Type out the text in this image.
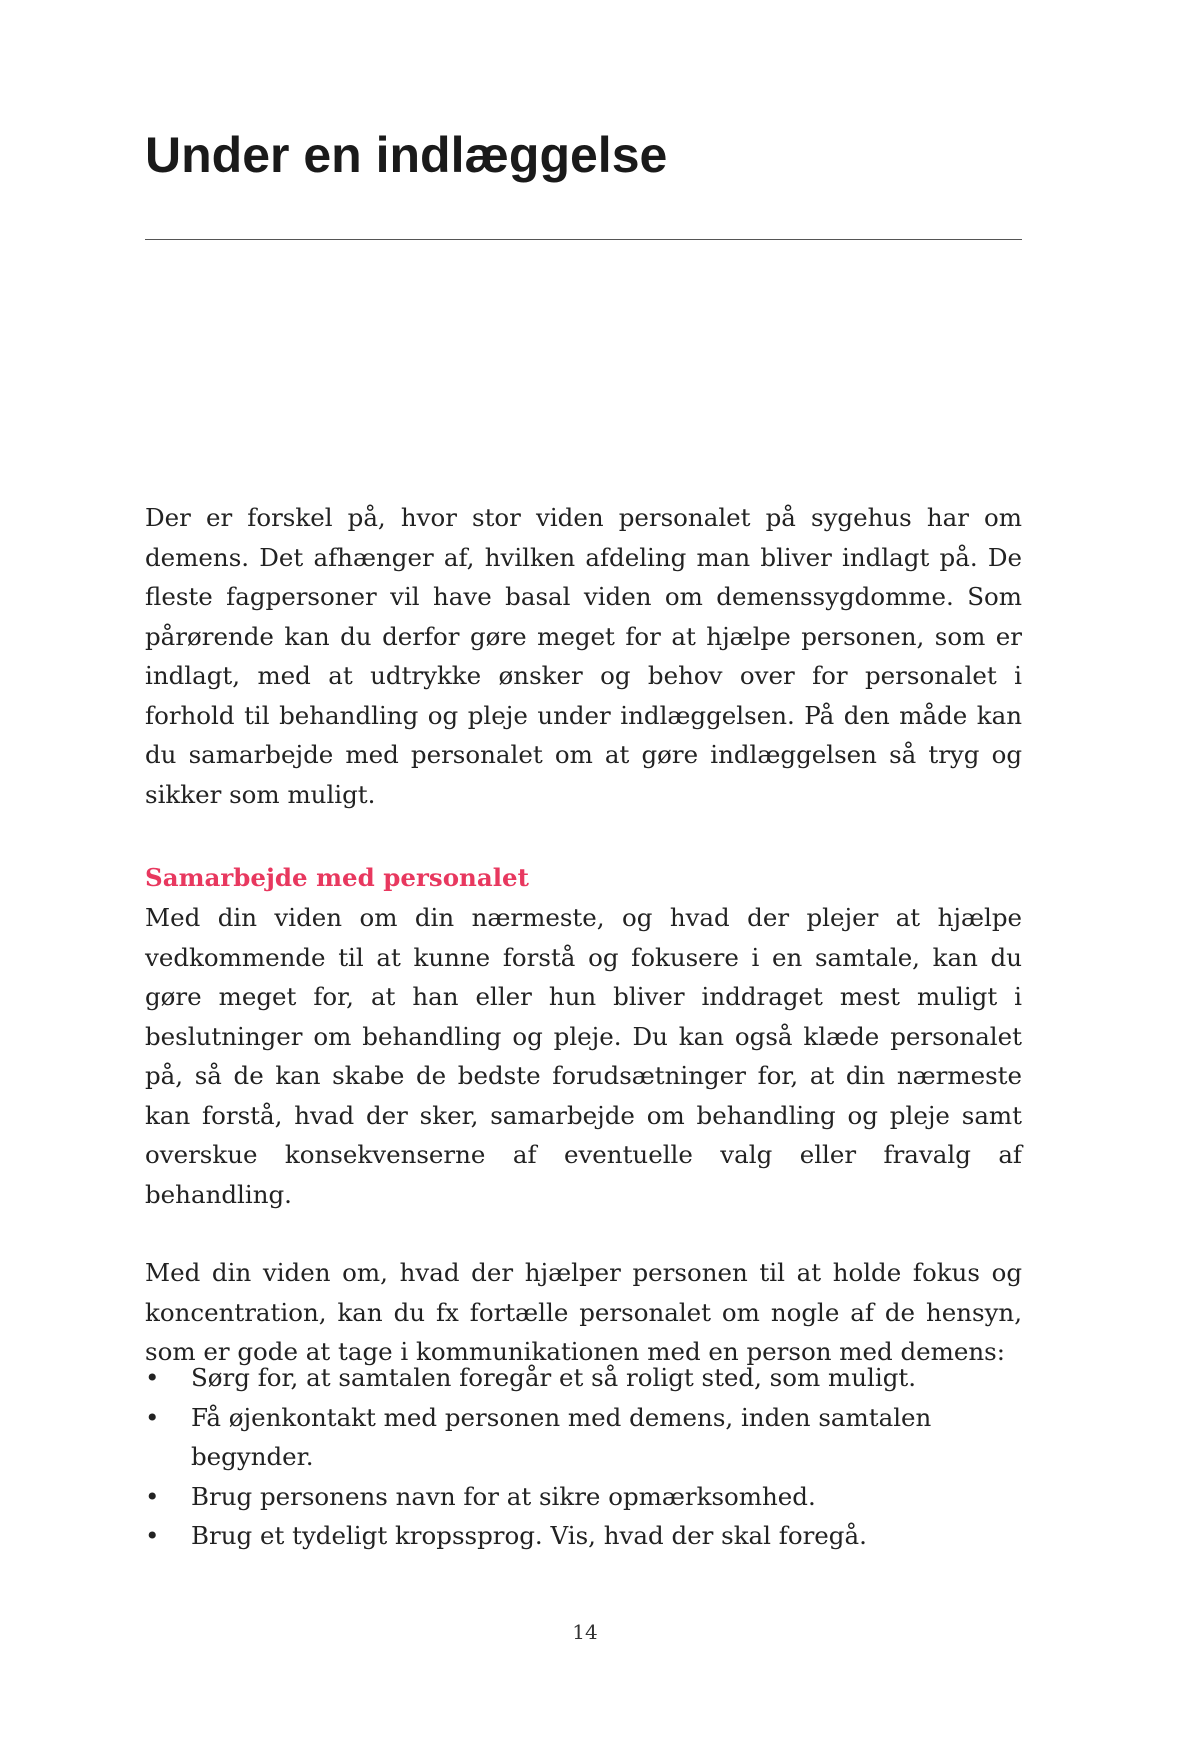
Under en indlæggelse

Der er forskel på, hvor stor viden personalet på sygehus har om demens. Det afhænger af, hvilken afdeling man bliver indlagt på. De fleste fagpersoner vil have basal viden om demenssygdomme. Som pårørende kan du derfor gøre meget for at hjælpe personen, som er indlagt, med at udtrykke ønsker og behov over for personalet i forhold til behandling og pleje under indlæggelsen. På den måde kan du samarbejde med personalet om at gøre indlæggelsen så tryg og sikker som muligt.

Samarbejde med personalet

Med din viden om din nærmeste, og hvad der plejer at hjælpe vedkommende til at kunne forstå og fokusere i en samtale, kan du gøre meget for, at han eller hun bliver inddraget mest muligt i beslutninger om behandling og pleje. Du kan også klæde personalet på, så de kan skabe de bedste forudsætninger for, at din nærmeste kan forstå, hvad der sker, samarbejde om behandling og pleje samt overskue konsekvenserne af eventuelle valg eller fravalg af behandling.

Med din viden om, hvad der hjælper personen til at holde fokus og koncentration, kan du fx fortælle personalet om nogle af de hensyn, som er gode at tage i kommunikationen med en person med demens:

• Sørg for, at samtalen foregår et så roligt sted, som muligt.
• Få øjenkontakt med personen med demens, inden samtalen begynder.
• Brug personens navn for at sikre opmærksomhed.
• Brug et tydeligt kropssprog. Vis, hvad der skal foregå.
14
